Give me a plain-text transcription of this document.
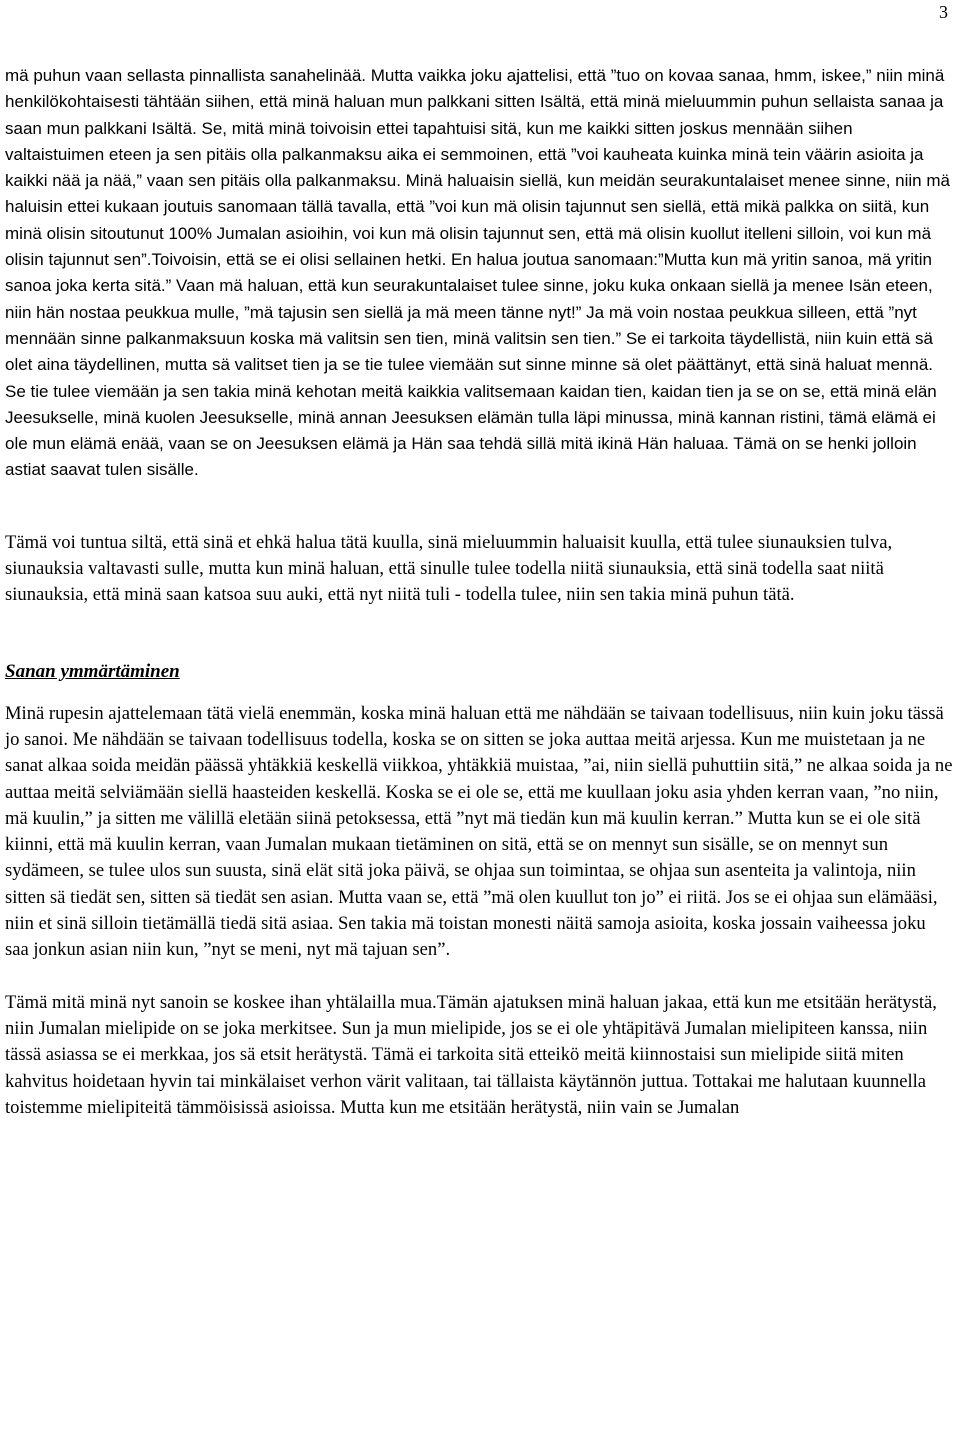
3

mä puhun vaan sellasta pinnallista sanahelinää. Mutta vaikka joku ajattelisi, että ”tuo on kovaa sanaa, hmm, iskee,” niin minä henkilökohtaisesti tähtään siihen, että minä haluan mun palkkani sitten Isältä, että minä mieluummin puhun sellaista sanaa ja saan mun palkkani Isältä. Se, mitä minä toivoisin ettei tapahtuisi sitä, kun me kaikki sitten joskus mennään siihen valtaistuimen eteen ja sen pitäis olla palkanmaksu aika ei semmoinen, että ”voi kauheata kuinka minä tein väärin asioita ja kaikki nää ja nää,” vaan sen pitäis olla palkanmaksu. Minä haluaisin siellä, kun meidän seurakuntalaiset menee sinne, niin mä haluisin ettei kukaan joutuis sanomaan tällä tavalla, että ”voi kun mä olisin tajunnut sen siellä, että mikä palkka on siitä, kun minä olisin sitoutunut 100% Jumalan asioihin, voi kun mä olisin tajunnut sen, että mä olisin kuollut itelleni silloin, voi kun mä olisin tajunnut sen”.Toivoisin, että se ei olisi sellainen hetki. En halua joutua sanomaan:”Mutta kun mä yritin sanoa, mä yritin sanoa joka kerta sitä.” Vaan mä haluan, että kun seurakuntalaiset tulee sinne, joku kuka onkaan siellä ja menee Isän eteen, niin hän nostaa peukkua mulle, ”mä tajusin sen siellä ja mä meen tänne nyt!” Ja mä voin nostaa peukkua silleen, että ”nyt mennään sinne palkanmaksuun koska mä valitsin sen tien, minä valitsin sen tien.” Se ei tarkoita täydellistä, niin kuin että sä olet aina täydellinen, mutta sä valitset tien ja se tie tulee viemään sut sinne minne sä olet päättänyt, että sinä haluat mennä. Se tie tulee viemään ja sen takia minä kehotan meitä kaikkia valitsemaan kaidan tien, kaidan tien ja se on se, että minä elän Jeesukselle, minä kuolen Jeesukselle, minä annan Jeesuksen elämän tulla läpi minussa, minä kannan ristini, tämä elämä ei ole mun elämä enää, vaan se on Jeesuksen elämä ja Hän saa tehdä sillä mitä ikinä Hän haluaa. Tämä on se henki jolloin astiat saavat tulen sisälle.

Tämä voi tuntua siltä, että sinä et ehkä halua tätä kuulla, sinä mieluummin haluaisit kuulla, että tulee siunauksien tulva, siunauksia valtavasti sulle, mutta kun minä haluan, että sinulle tulee todella niitä siunauksia, että sinä todella saat niitä siunauksia, että minä saan katsoa suu auki, että nyt niitä tuli - todella tulee, niin sen takia minä puhun tätä.

Sanan ymmärtäminen

Minä rupesin ajattelemaan tätä vielä enemmän, koska minä haluan että me nähdään se taivaan todellisuus, niin kuin joku tässä jo sanoi. Me nähdään se taivaan todellisuus todella, koska se on sitten se joka auttaa meitä arjessa. Kun me muistetaan ja ne sanat alkaa soida meidän päässä yhtäkkiä keskellä viikkoa, yhtäkkiä muistaa, ”ai, niin siellä puhuttiin sitä,” ne alkaa soida ja ne auttaa meitä selviämään siellä haasteiden keskellä. Koska se ei ole se, että me kuullaan joku asia yhden kerran vaan, ”no niin, mä kuulin,” ja sitten me välillä eletään siinä petoksessa, että ”nyt mä tiedän kun mä kuulin kerran.” Mutta kun se ei ole sitä kiinni, että mä kuulin kerran, vaan Jumalan mukaan tietäminen on sitä, että se on mennyt sun sisälle, se on mennyt sun sydämeen, se tulee ulos sun suusta, sinä elät sitä joka päivä, se ohjaa sun toimintaa, se ohjaa sun asenteita ja valintoja, niin sitten sä tiedät sen, sitten sä tiedät sen asian. Mutta vaan se, että ”mä olen kuullut ton jo” ei riitä. Jos se ei ohjaa sun elämääsi, niin et sinä silloin tietämällä tiedä sitä asiaa. Sen takia mä toistan monesti näitä samoja asioita, koska jossain vaiheessa joku saa jonkun asian niin kun, ”nyt se meni, nyt mä tajuan sen”.

Tämä mitä minä nyt sanoin se koskee ihan yhtälailla mua.Tämän ajatuksen minä haluan jakaa, että kun me etsitään herätystä, niin Jumalan mielipide on se joka merkitsee. Sun ja mun mielipide, jos se ei ole yhtäpitävä Jumalan mielipiteen kanssa, niin tässä asiassa se ei merkkaa, jos sä etsit herätystä. Tämä ei tarkoita sitä etteikö meitä kiinnostaisi sun mielipide siitä miten kahvitus hoidetaan hyvin tai minkälaiset verhon värit valitaan, tai tällaista käytännön juttua. Tottakai me halutaan kuunnella toistemme mielipiteitä tämmöisissä asioissa. Mutta kun me etsitään herätystä, niin vain se Jumalan
